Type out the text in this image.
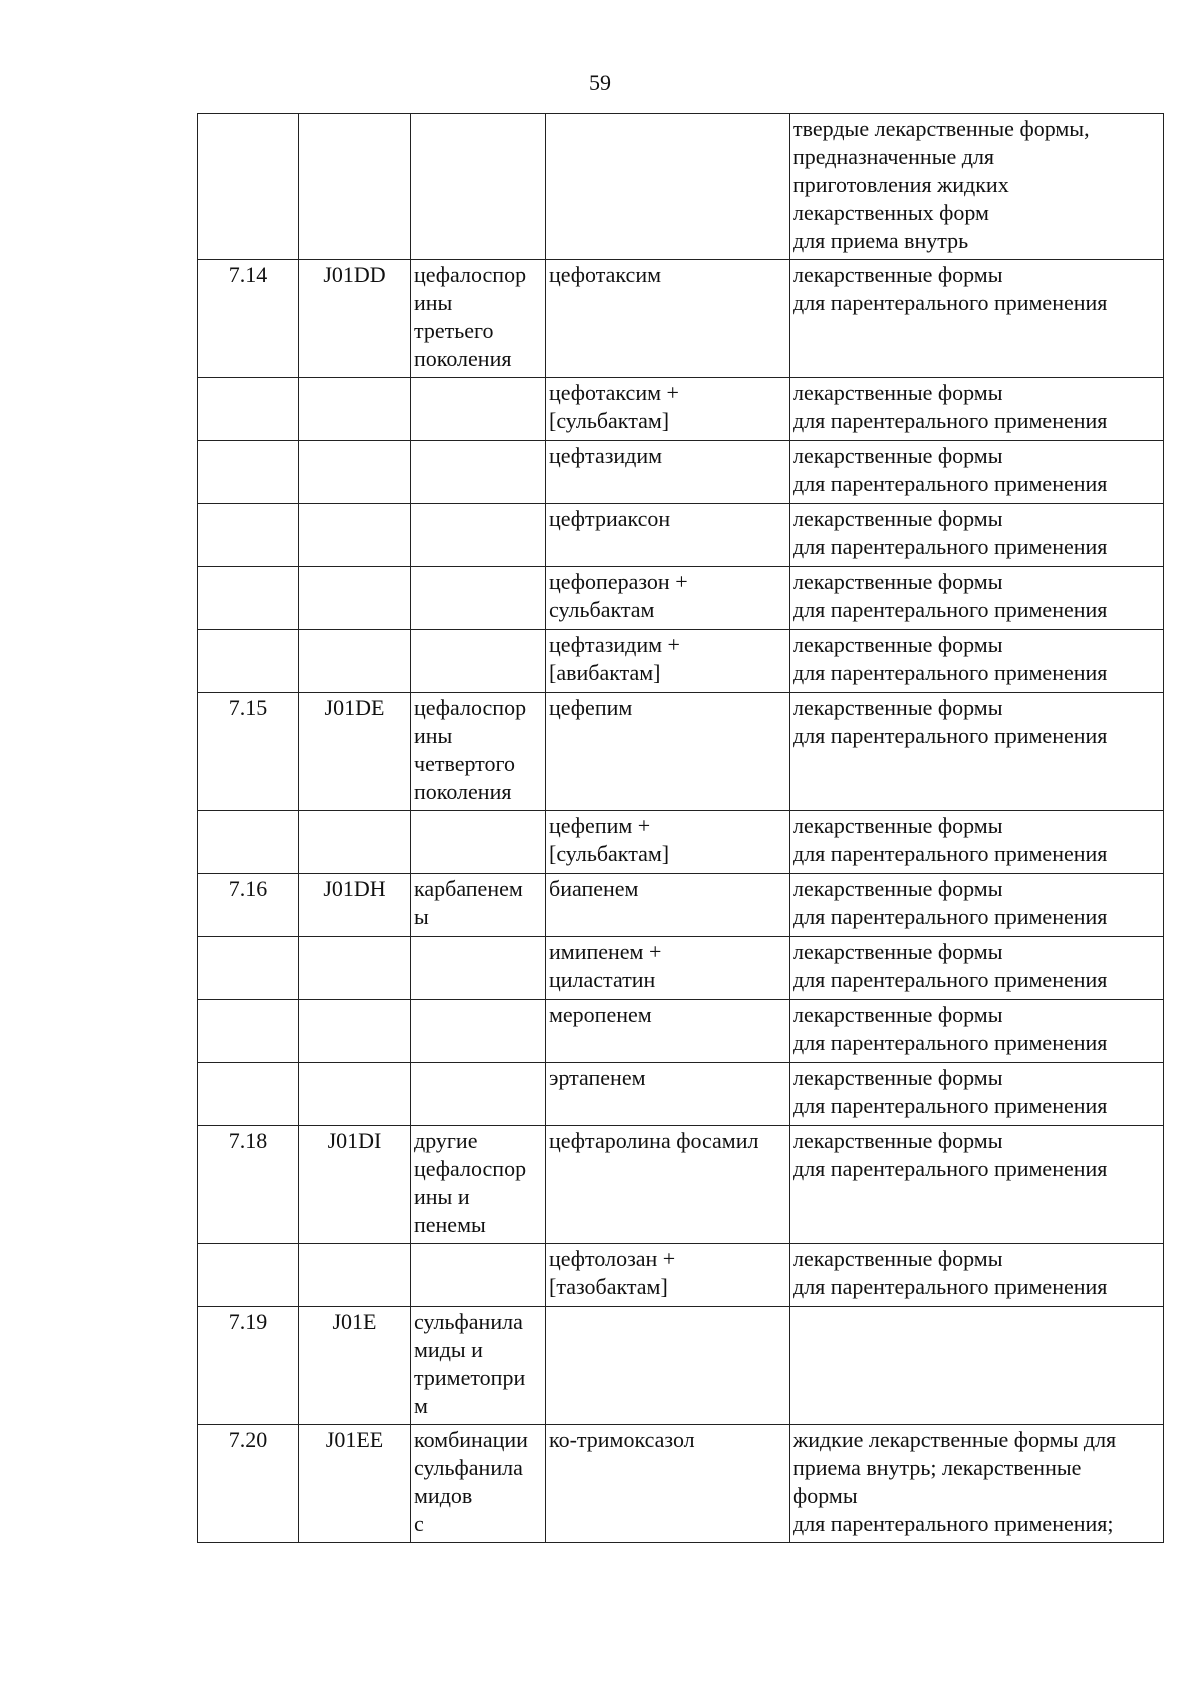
59
				твердые лекарственные формы,
предназначенные для
приготовления жидких
лекарственных форм
для приема внутрь
7.14	J01DD	цефалоспор
ины
третьего
поколения	цефотаксим	лекарственные формы
для парентерального применения
			цефотаксим +
[сульбактам]	лекарственные формы
для парентерального применения
			цефтазидим	лекарственные формы
для парентерального применения
			цефтриаксон	лекарственные формы
для парентерального применения
			цефоперазон +
сульбактам	лекарственные формы
для парентерального применения
			цефтазидим +
[авибактам]	лекарственные формы
для парентерального применения
7.15	J01DE	цефалоспор
ины
четвертого
поколения	цефепим	лекарственные формы
для парентерального применения
			цефепим +
[сульбактам]	лекарственные формы
для парентерального применения
7.16	J01DH	карбапенем
ы	биапенем	лекарственные формы
для парентерального применения
			имипенем +
циластатин	лекарственные формы
для парентерального применения
			меропенем	лекарственные формы
для парентерального применения
			эртапенем	лекарственные формы
для парентерального применения
7.18	J01DI	другие
цефалоспор
ины и
пенемы	цефтаролина фосамил	лекарственные формы
для парентерального применения
			цефтолозан +
[тазобактам]	лекарственные формы
для парентерального применения
7.19	J01E	сульфанила
миды и
триметопри
м		
7.20	J01EE	комбинации
сульфанила
мидов
с	ко-тримоксазол	жидкие лекарственные формы для
приема внутрь; лекарственные
формы
для парентерального применения;
